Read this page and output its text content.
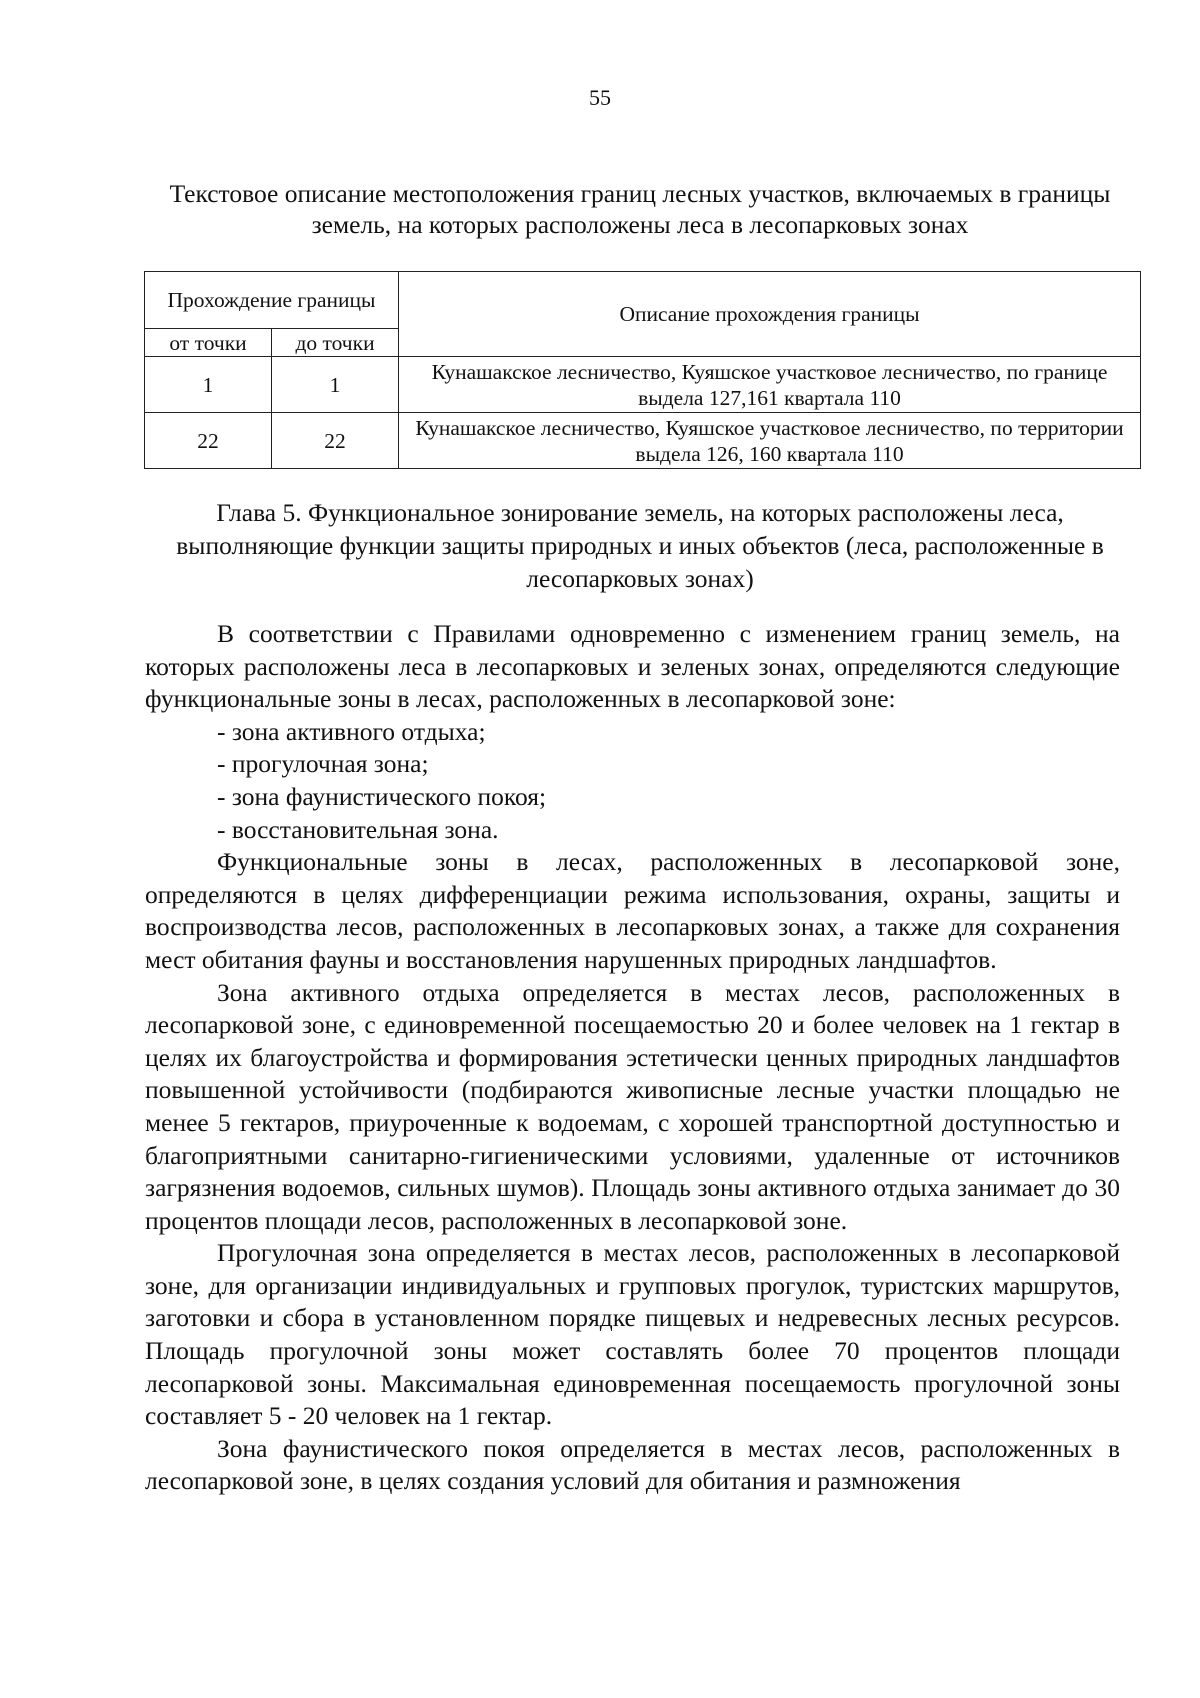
55
Текстовое описание местоположения границ лесных участков, включаемых в границы земель, на которых расположены леса в лесопарковых зонах
Прохождение границы		Описание прохождения границы
от точки	до точки	
1	1	Кунашакское лесничество, Куяшское участковое лесничество, по границе выдела 127,161 квартала 110
22	22	Кунашакское лесничество, Куяшское участковое лесничество, по территории выдела 126, 160 квартала 110
Глава 5. Функциональное зонирование земель, на которых расположены леса, выполняющие функции защиты природных и иных объектов (леса, расположенные в лесопарковых зонах)

В соответствии с Правилами одновременно с изменением границ земель, на которых расположены леса в лесопарковых и зеленых зонах, определяются следующие функциональные зоны в лесах, расположенных в лесопарковой зоне:

- зона активного отдыха;
- прогулочная зона;
- зона фаунистического покоя;
- восстановительная зона.

Функциональные зоны в лесах, расположенных в лесопарковой зоне, определяются в целях дифференциации режима использования, охраны, защиты и воспроизводства лесов, расположенных в лесопарковых зонах, а также для сохранения мест обитания фауны и восстановления нарушенных природных ландшафтов.

Зона активного отдыха определяется в местах лесов, расположенных в лесопарковой зоне, с единовременной посещаемостью 20 и более человек на 1 гектар в целях их благоустройства и формирования эстетически ценных природных ландшафтов повышенной устойчивости (подбираются живописные лесные участки площадью не менее 5 гектаров, приуроченные к водоемам, с хорошей транспортной доступностью и благоприятными санитарно-гигиеническими условиями, удаленные от источников загрязнения водоемов, сильных шумов). Площадь зоны активного отдыха занимает до 30 процентов площади лесов, расположенных в лесопарковой зоне.

Прогулочная зона определяется в местах лесов, расположенных в лесопарковой зоне, для организации индивидуальных и групповых прогулок, туристских маршрутов, заготовки и сбора в установленном порядке пищевых и недревесных лесных ресурсов. Площадь прогулочной зоны может составлять более 70 процентов площади лесопарковой зоны. Максимальная единовременная посещаемость прогулочной зоны составляет 5 - 20 человек на 1 гектар.

Зона фаунистического покоя определяется в местах лесов, расположенных в лесопарковой зоне, в целях создания условий для обитания и размножения
